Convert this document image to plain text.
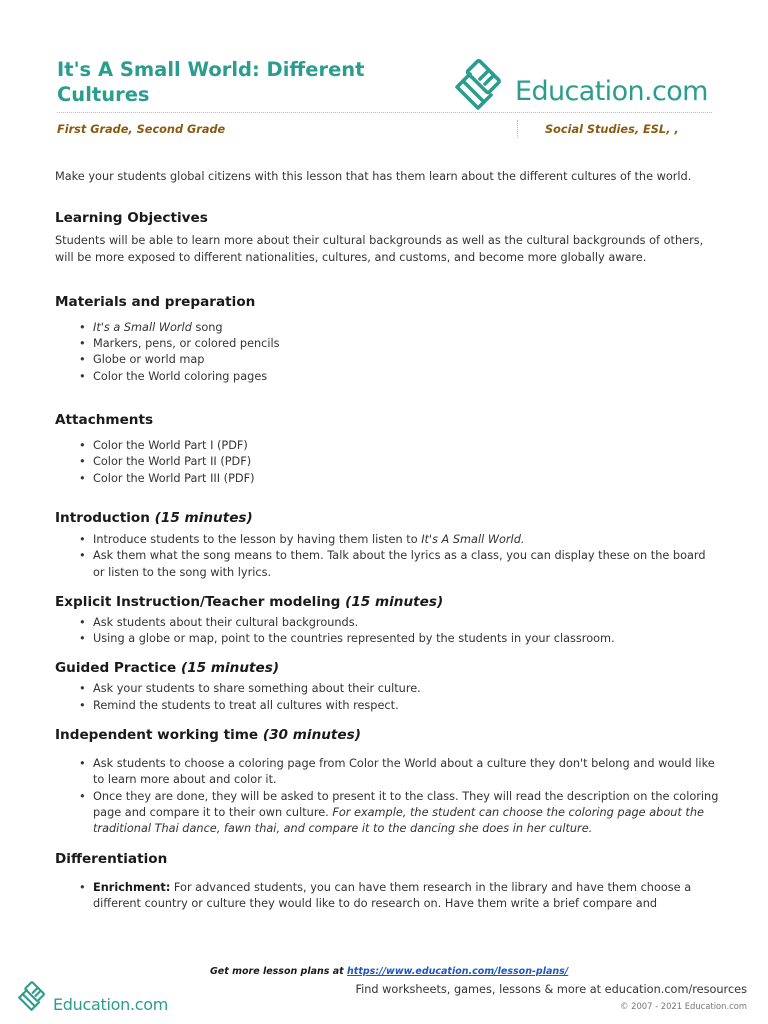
It's A Small World: Different
Cultures	Education.com
First Grade, Second Grade	Social Studies, ESL, ,

Make your students global citizens with this lesson that has them learn about the different cultures of the world.

Learning Objectives

Students will be able to learn more about their cultural backgrounds as well as the cultural backgrounds of others, will be more exposed to different nationalities, cultures, and customs, and become more globally aware.

Materials and preparation
• It's a Small World song
• Markers, pens, or colored pencils
• Globe or world map
• Color the World coloring pages
Attachments
• Color the World Part I (PDF)
• Color the World Part II (PDF)
• Color the World Part III (PDF)
Introduction (15 minutes)
• Introduce students to the lesson by having them listen to It's A Small World.
• Ask them what the song means to them. Talk about the lyrics as a class, you can display these on the board or listen to the song with lyrics.
Explicit Instruction/Teacher modeling (15 minutes)
• Ask students about their cultural backgrounds.
• Using a globe or map, point to the countries represented by the students in your classroom.
Guided Practice (15 minutes)
• Ask your students to share something about their culture.
• Remind the students to treat all cultures with respect.
Independent working time (30 minutes)
• Ask students to choose a coloring page from Color the World about a culture they don't belong and would like to learn more about and color it.
• Once they are done, they will be asked to present it to the class. They will read the description on the coloring page and compare it to their own culture. For example, the student can choose the coloring page about the traditional Thai dance, fawn thai, and compare it to the dancing she does in her culture.
Differentiation
• Enrichment: For advanced students, you can have them research in the library and have them choose a different country or culture they would like to do research on. Have them write a brief compare and
Get more lesson plans at https://www.education.com/lesson-plans/
Education.com
Find worksheets, games, lessons & more at education.com/resources
© 2007 - 2021 Education.com
